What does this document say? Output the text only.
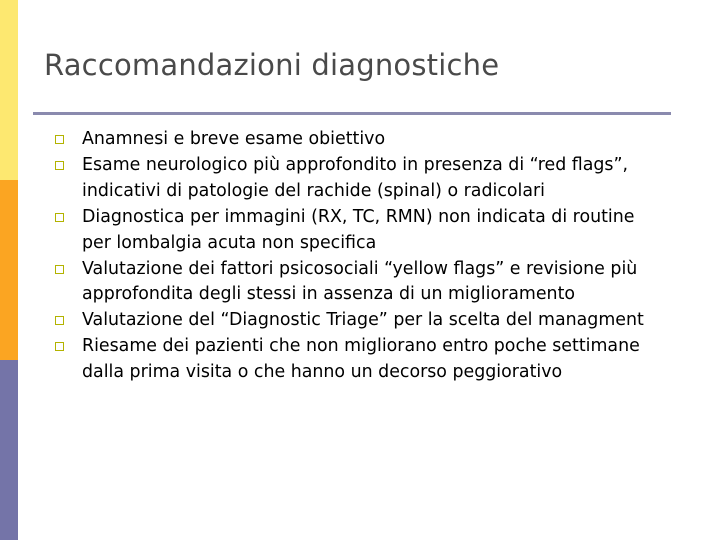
Raccomandazioni diagnostiche
Anamnesi e breve esame obiettivo
Esame neurologico più approfondito in presenza di “red flags”, indicativi di patologie del rachide (spinal) o radicolari
Diagnostica per immagini (RX, TC, RMN) non indicata di routine per lombalgia acuta non specifica
Valutazione dei fattori psicosociali “yellow flags” e revisione più approfondita degli stessi in assenza di un miglioramento
Valutazione del “Diagnostic Triage” per la scelta del managment
Riesame dei pazienti che non migliorano entro poche settimane dalla prima visita o che hanno un decorso peggiorativo
